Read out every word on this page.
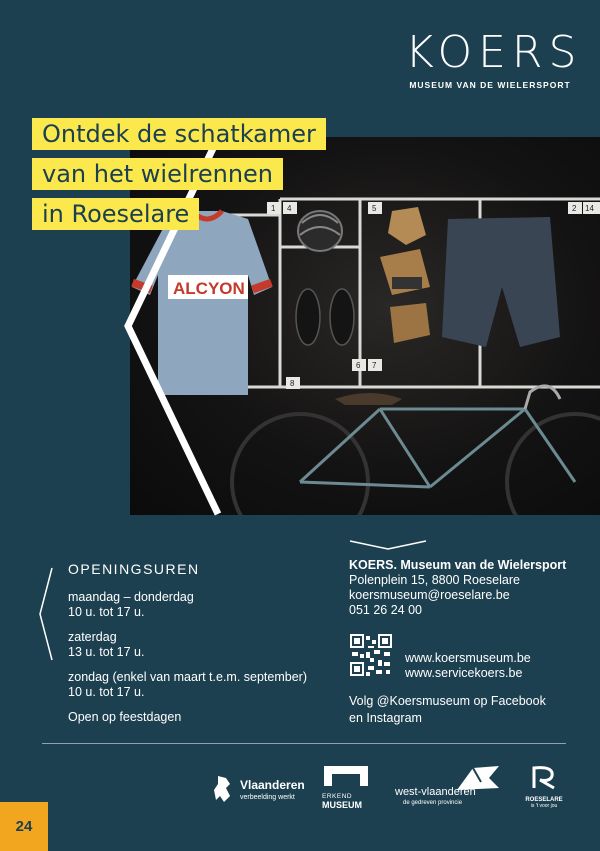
KOERS
MUSEUM VAN DE WIELERSPORT
1 4	5	2 14
6 7
8
ALCYON
Ontdek de schatkamer
van het wielrennen
in Roeselare
OPENINGSUREN
maandag – donderdag
10 u. tot 17 u.
zaterdag
13 u. tot 17 u.
zondag (enkel van maart t.e.m. september)
10 u. tot 17 u.
Open op feestdagen
KOERS. Museum van de Wielersport
Polenplein 15, 8800 Roeselare
koersmuseum@roeselare.be
051 26 24 00
www.koersmuseum.be
www.servicekoers.be
Volg @Koersmuseum op Facebook
en Instagram
Vlaanderen
verbeelding werkt	ERKEND
MUSEUM
west-vlaanderen
de gedreven provincie	ROESELARE
is 't voor jou
24
